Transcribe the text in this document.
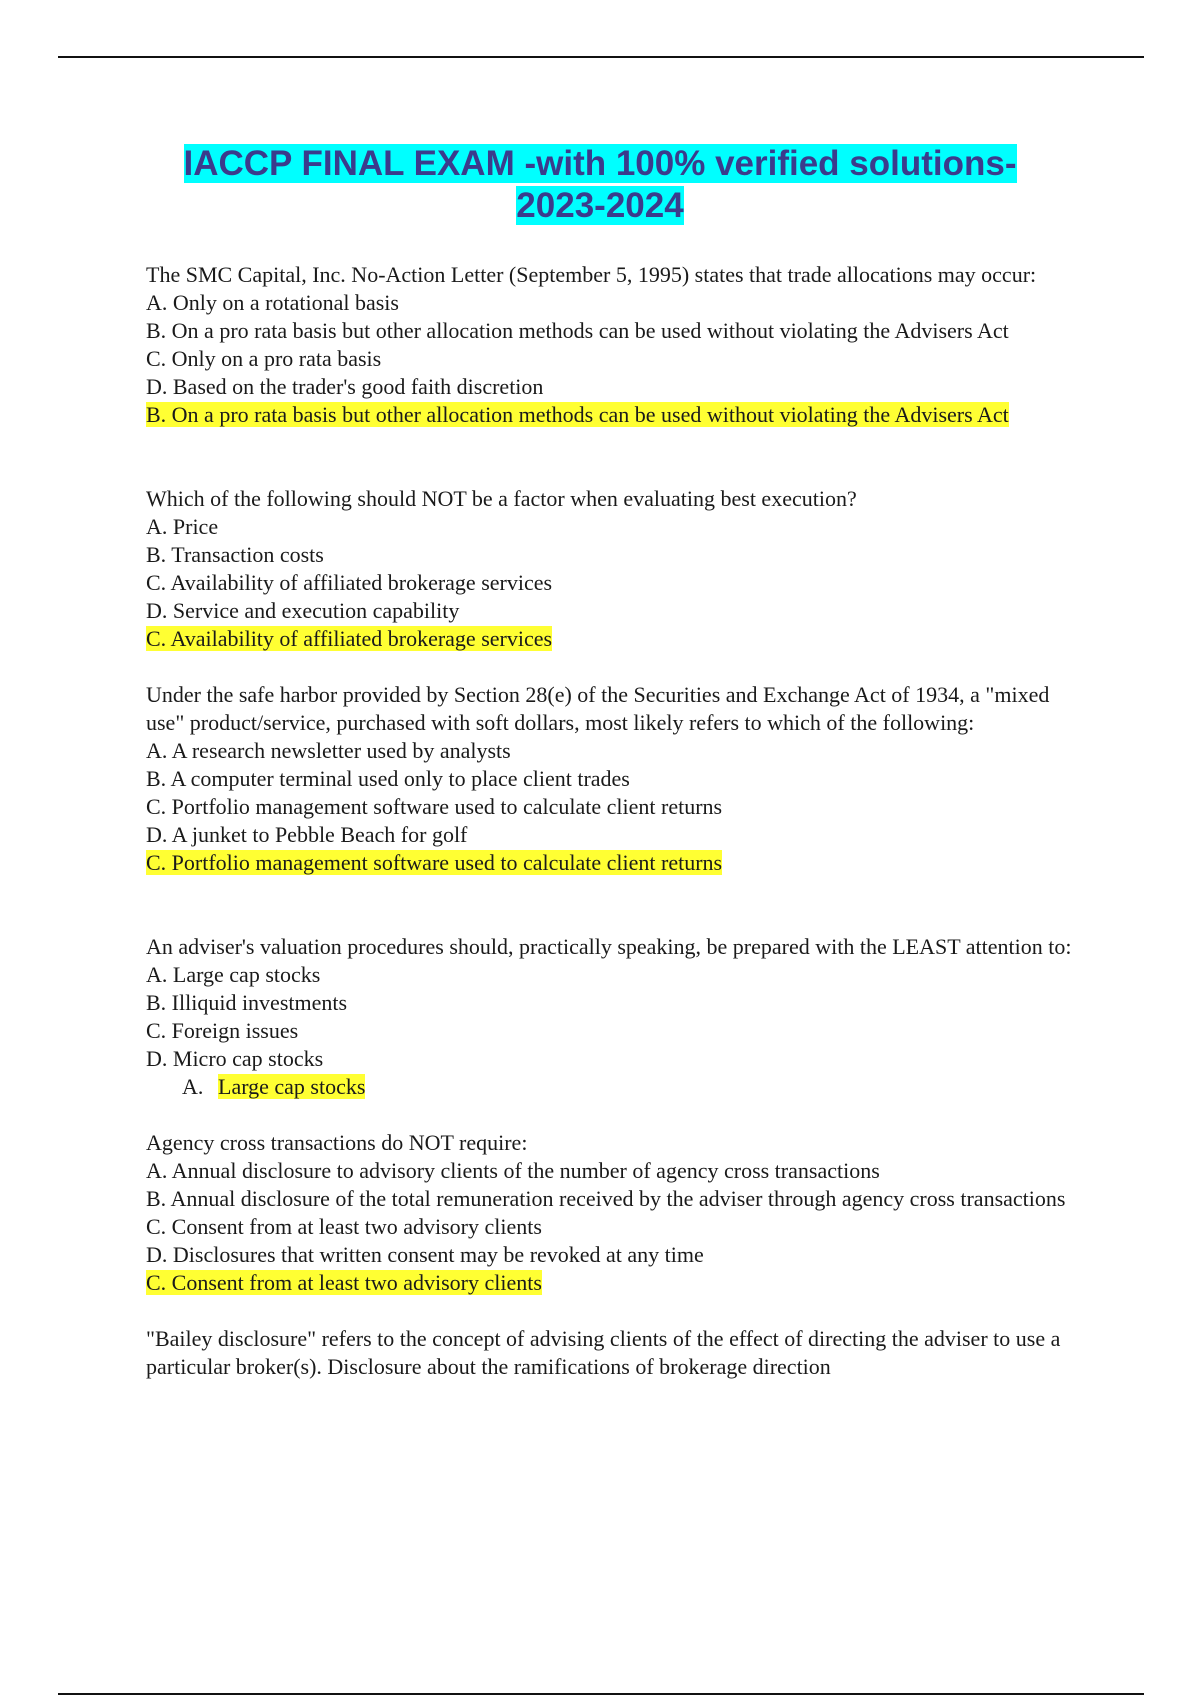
IACCP FINAL EXAM -with 100% verified solutions-
2023-2024

The SMC Capital, Inc. No-Action Letter (September 5, 1995) states that trade allocations may occur:

A. Only on a rotational basis

B. On a pro rata basis but other allocation methods can be used without violating the Advisers Act

C. Only on a pro rata basis

D. Based on the trader's good faith discretion

B. On a pro rata basis but other allocation methods can be used without violating the Advisers Act

Which of the following should NOT be a factor when evaluating best execution?

A. Price

B. Transaction costs

C. Availability of affiliated brokerage services

D. Service and execution capability

C. Availability of affiliated brokerage services

Under the safe harbor provided by Section 28(e) of the Securities and Exchange Act of 1934, a "mixed use" product/service, purchased with soft dollars, most likely refers to which of the following:

A. A research newsletter used by analysts

B. A computer terminal used only to place client trades

C. Portfolio management software used to calculate client returns

D. A junket to Pebble Beach for golf

C. Portfolio management software used to calculate client returns

An adviser's valuation procedures should, practically speaking, be prepared with the LEAST attention to:

A. Large cap stocks

B. Illiquid investments

C. Foreign issues

D. Micro cap stocks

A. Large cap stocks

Agency cross transactions do NOT require:

A. Annual disclosure to advisory clients of the number of agency cross transactions

B. Annual disclosure of the total remuneration received by the adviser through agency cross transactions

C. Consent from at least two advisory clients

D. Disclosures that written consent may be revoked at any time

C. Consent from at least two advisory clients

"Bailey disclosure" refers to the concept of advising clients of the effect of directing the adviser to use a particular broker(s). Disclosure about the ramifications of brokerage direction
